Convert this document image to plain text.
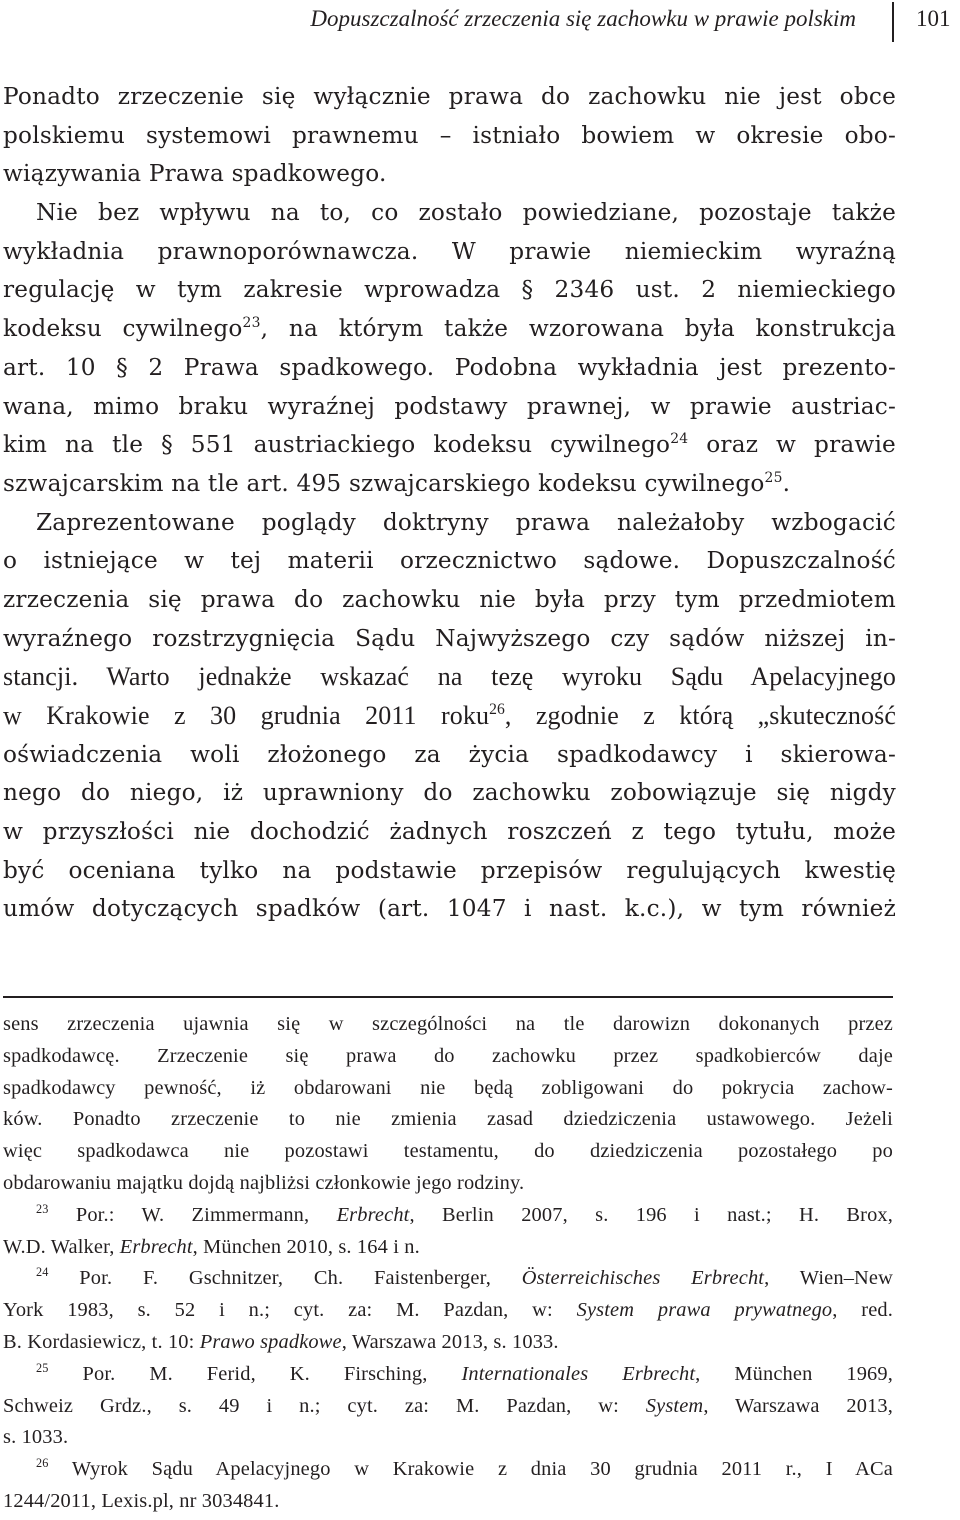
Dopuszczalność zrzeczenia się zachowku w prawie polskim	101
Ponadto zrzeczenie się wyłącznie prawa do zachowku nie jest obce
polskiemu systemowi prawnemu – istniało bowiem w okresie obo-
wiązywania Prawa spadkowego.
Nie bez wpływu na to, co zostało powiedziane, pozostaje także
wykładnia prawnoporównawcza. W prawie niemieckim wyraźną
regulację w tym zakresie wprowadza § 2346 ust. 2 niemieckiego
kodeksu cywilnego$^{23}$, na którym także wzorowana była konstrukcja
art. 10 § 2 Prawa spadkowego. Podobna wykładnia jest prezento-
wana, mimo braku wyraźnej podstawy prawnej, w prawie austriac-
kim na tle § 551 austriackiego kodeksu cywilnego$^{24}$ oraz w prawie
szwajcarskim na tle art. 495 szwajcarskiego kodeksu cywilnego$^{25}$.
Zaprezentowane poglądy doktryny prawa należałoby wzbogacić
o istniejące w tej materii orzecznictwo sądowe. Dopuszczalność
zrzeczenia się prawa do zachowku nie była przy tym przedmiotem
wyraźnego rozstrzygnięcia Sądu Najwyższego czy sądów niższej in-
stancji. Warto jednakże wskazać na tezę wyroku Sądu Apelacyjnego
w Krakowie z 30 grudnia 2011 roku$^{26}$, zgodnie z którą „skuteczność
oświadczenia woli złożonego za życia spadkodawcy i skierowa-
nego do niego, iż uprawniony do zachowku zobowiązuje się nigdy
w przyszłości nie dochodzić żadnych roszczeń z tego tytułu, może
być oceniana tylko na podstawie przepisów regulujących kwestię
umów dotyczących spadków (art. 1047 i nast. k.c.), w tym również
sens zrzeczenia ujawnia się w szczególności na tle darowizn dokonanych przez
spadkodawcę. Zrzeczenie się prawa do zachowku przez spadkobierców daje
spadkodawcy pewność, iż obdarowani nie będą zobligowani do pokrycia zachow-
ków. Ponadto zrzeczenie to nie zmienia zasad dziedziczenia ustawowego. Jeżeli
więc spadkodawca nie pozostawi testamentu, do dziedziczenia pozostałego po
obdarowaniu majątku dojdą najbliżsi członkowie jego rodziny.
$^{23}$ Por.: W. Zimmermann, Erbrecht, Berlin 2007, s. 196 i nast.; H. Brox,
W.D. Walker, Erbrecht, München 2010, s. 164 i n.
$^{24}$ Por. F. Gschnitzer, Ch. Faistenberger, Österreichisches Erbrecht, Wien–New
York 1983, s. 52 i n.; cyt. za: M. Pazdan, w: System prawa prywatnego, red.
B. Kordasiewicz, t. 10: Prawo spadkowe, Warszawa 2013, s. 1033.
$^{25}$ Por. M. Ferid, K. Firsching, Internationales Erbrecht, München 1969,
Schweiz Grdz., s. 49 i n.; cyt. za: M. Pazdan, w: System, Warszawa 2013,
s. 1033.
$^{26}$ Wyrok Sądu Apelacyjnego w Krakowie z dnia 30 grudnia 2011 r., I ACa
1244/2011, Lexis.pl, nr 3034841.
